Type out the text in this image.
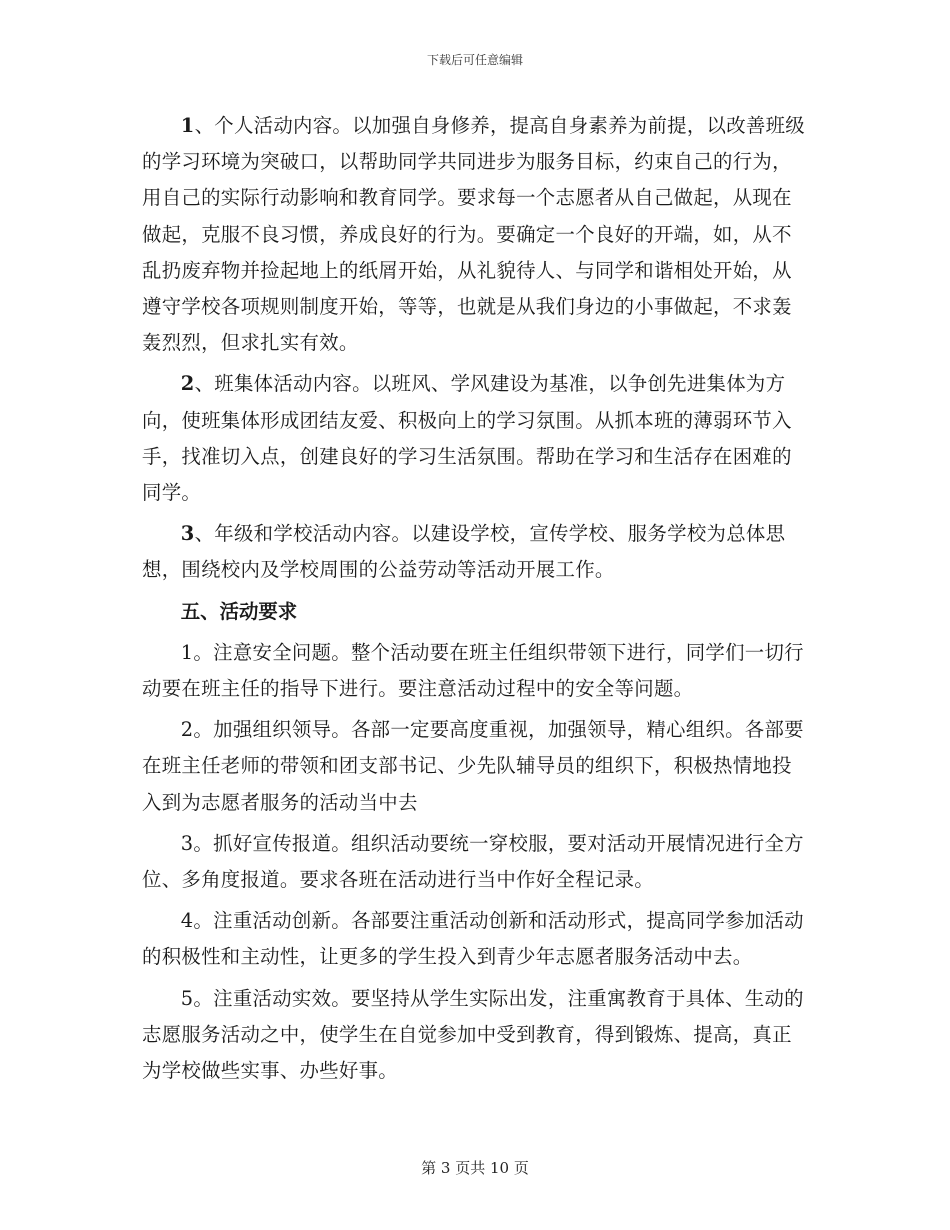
下载后可任意编辑

1、个人活动内容。以加强自身修养，提高自身素养为前提，以改善班级的学习环境为突破口，以帮助同学共同进步为服务目标，约束自己的行为，用自己的实际行动影响和教育同学。要求每一个志愿者从自己做起，从现在做起，克服不良习惯，养成良好的行为。要确定一个良好的开端，如，从不乱扔废弃物并捡起地上的纸屑开始，从礼貌待人、与同学和谐相处开始，从遵守学校各项规则制度开始，等等，也就是从我们身边的小事做起，不求轰轰烈烈，但求扎实有效。

2、班集体活动内容。以班风、学风建设为基准，以争创先进集体为方向，使班集体形成团结友爱、积极向上的学习氛围。从抓本班的薄弱环节入手，找准切入点，创建良好的学习生活氛围。帮助在学习和生活存在困难的同学。

3、年级和学校活动内容。以建设学校，宣传学校、服务学校为总体思想，围绕校内及学校周围的公益劳动等活动开展工作。

五、活动要求

1。注意安全问题。整个活动要在班主任组织带领下进行，同学们一切行动要在班主任的指导下进行。要注意活动过程中的安全等问题。

2。加强组织领导。各部一定要高度重视，加强领导，精心组织。各部要在班主任老师的带领和团支部书记、少先队辅导员的组织下，积极热情地投入到为志愿者服务的活动当中去

3。抓好宣传报道。组织活动要统一穿校服，要对活动开展情况进行全方位、多角度报道。要求各班在活动进行当中作好全程记录。

4。注重活动创新。各部要注重活动创新和活动形式，提高同学参加活动的积极性和主动性，让更多的学生投入到青少年志愿者服务活动中去。

5。注重活动实效。要坚持从学生实际出发，注重寓教育于具体、生动的志愿服务活动之中，使学生在自觉参加中受到教育，得到锻炼、提高，真正为学校做些实事、办些好事。

第 3 页共 10 页
